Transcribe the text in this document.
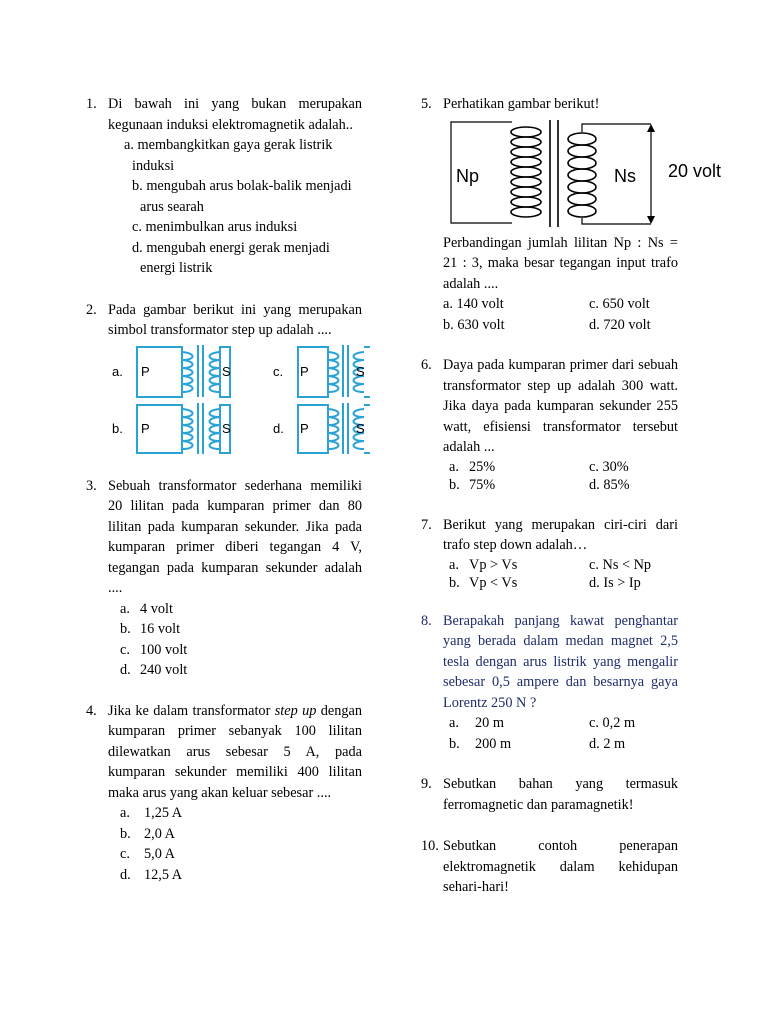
1. Di bawah ini yang bukan merupakan kegunaan induksi elektromagnetik adalah..
a. membangkitkan gaya gerak listrik induksi
b. mengubah arus bolak-balik menjadi arus searah
c. menimbulkan arus induksi
d. mengubah energi gerak menjadi energi listrik
2. Pada gambar berikut ini yang merupakan simbol transformator step up adalah ....
a. P	S	c. P	S
b. P	S	d. P	S
3. Sebuah transformator sederhana memiliki 20 lilitan pada kumparan primer dan 80 lilitan pada kumparan sekunder. Jika pada kumparan primer diberi tegangan 4 V, tegangan pada kumparan sekunder adalah ....
a. 4 volt
b. 16 volt
c. 100 volt
d. 240 volt
4. Jika ke dalam transformator step up dengan kumparan primer sebanyak 100 lilitan dilewatkan arus sebesar 5 A, pada kumparan sekunder memiliki 400 lilitan maka arus yang akan keluar sebesar ....
a. 1,25 A
b. 2,0 A
c. 5,0 A
d. 12,5 A
5. Perhatikan gambar berikut!
Np	Ns 20 volt
Perbandingan jumlah lilitan Np : Ns = 21 : 3, maka besar tegangan input trafo adalah ....
a. 140 volt	c. 650 volt
b. 630 volt	d. 720 volt
6. Daya pada kumparan primer dari sebuah transformator step up adalah 300 watt. Jika daya pada kumparan sekunder 255 watt, efisiensi transformator tersebut adalah ...
a. 25%	c. 30%
b. 75%	d. 85%
7. Berikut yang merupakan ciri-ciri dari trafo step down adalah…
a. Vp > Vs	c. Ns < Np
b. Vp < Vs	d. Is > Ip
8. Berapakah panjang kawat penghantar yang berada dalam medan magnet 2,5 tesla dengan arus listrik yang mengalir sebesar 0,5 ampere dan besarnya gaya Lorentz 250 N ?
a. 20 m	c. 0,2 m
b. 200 m	d. 2 m
9. Sebutkan bahan yang termasuk ferromagnetic dan paramagnetik!
10. Sebutkan contoh penerapan elektromagnetik dalam kehidupan sehari-hari!
